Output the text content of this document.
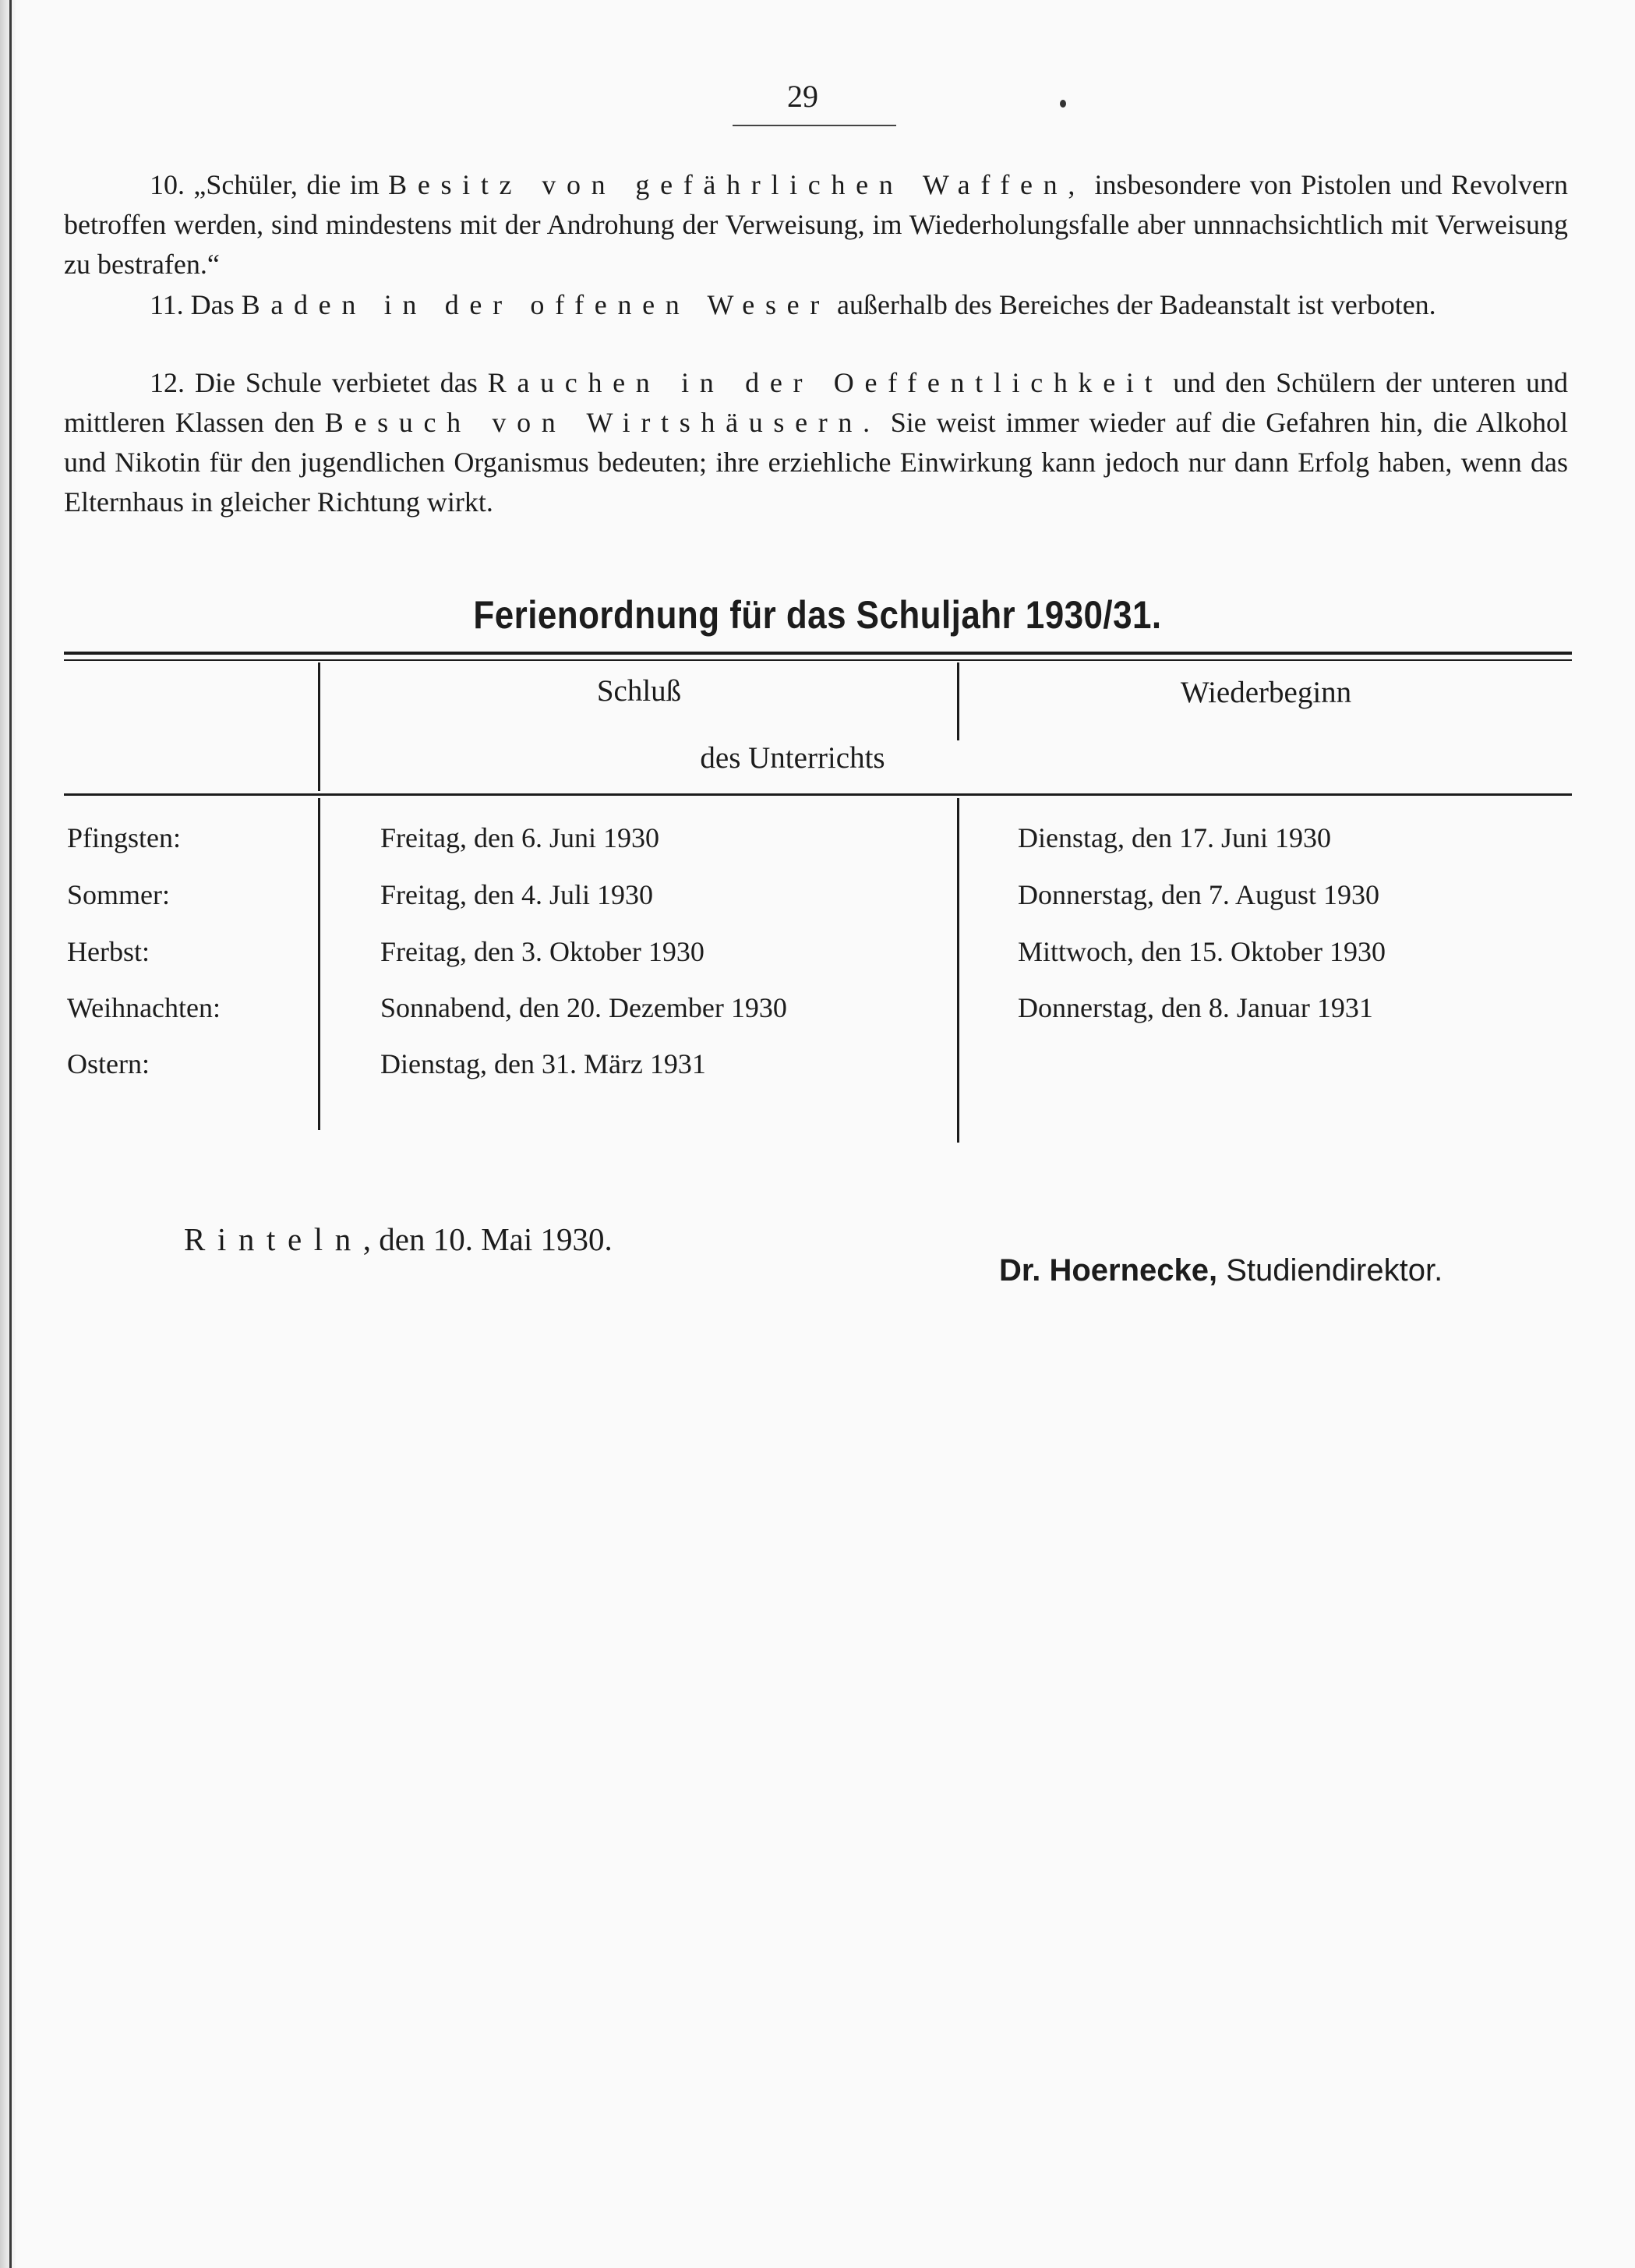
29

10. „Schüler, die im Besitz von gefährlichen Waffen, insbesondere von Pistolen und Revolvern betroffen werden, sind mindestens mit der Androhung der Verweisung, im Wiederholungsfalle aber unnnachsichtlich mit Verweisung zu bestrafen.“

11. Das Baden in der offenen Weser außerhalb des Bereiches der Badeanstalt ist verboten.

12. Die Schule verbietet das Rauchen in der Oeffentlichkeit und den Schülern der unteren und mittleren Klassen den Besuch von Wirtshäusern. Sie weist immer wieder auf die Gefahren hin, die Alkohol und Nikotin für den jugendlichen Organismus bedeuten; ihre erziehliche Einwirkung kann jedoch nur dann Erfolg haben, wenn das Elternhaus in gleicher Richtung wirkt.

Ferienordnung für das Schuljahr 1930/31.
Schluß	Wiederbeginn
des Unterrichts
Pfingsten:	Freitag, den 6. Juni 1930	Dienstag, den 17. Juni 1930
Sommer:	Freitag, den 4. Juli 1930	Donnerstag, den 7. August 1930
Herbst:	Freitag, den 3. Oktober 1930	Mittwoch, den 15. Oktober 1930
Weihnachten:	Sonnabend, den 20. Dezember 1930	Donnerstag, den 8. Januar 1931
Ostern:	Dienstag, den 31. März 1931
Rinteln, den 10. Mai 1930.
Dr. Hoernecke, Studiendirektor.
